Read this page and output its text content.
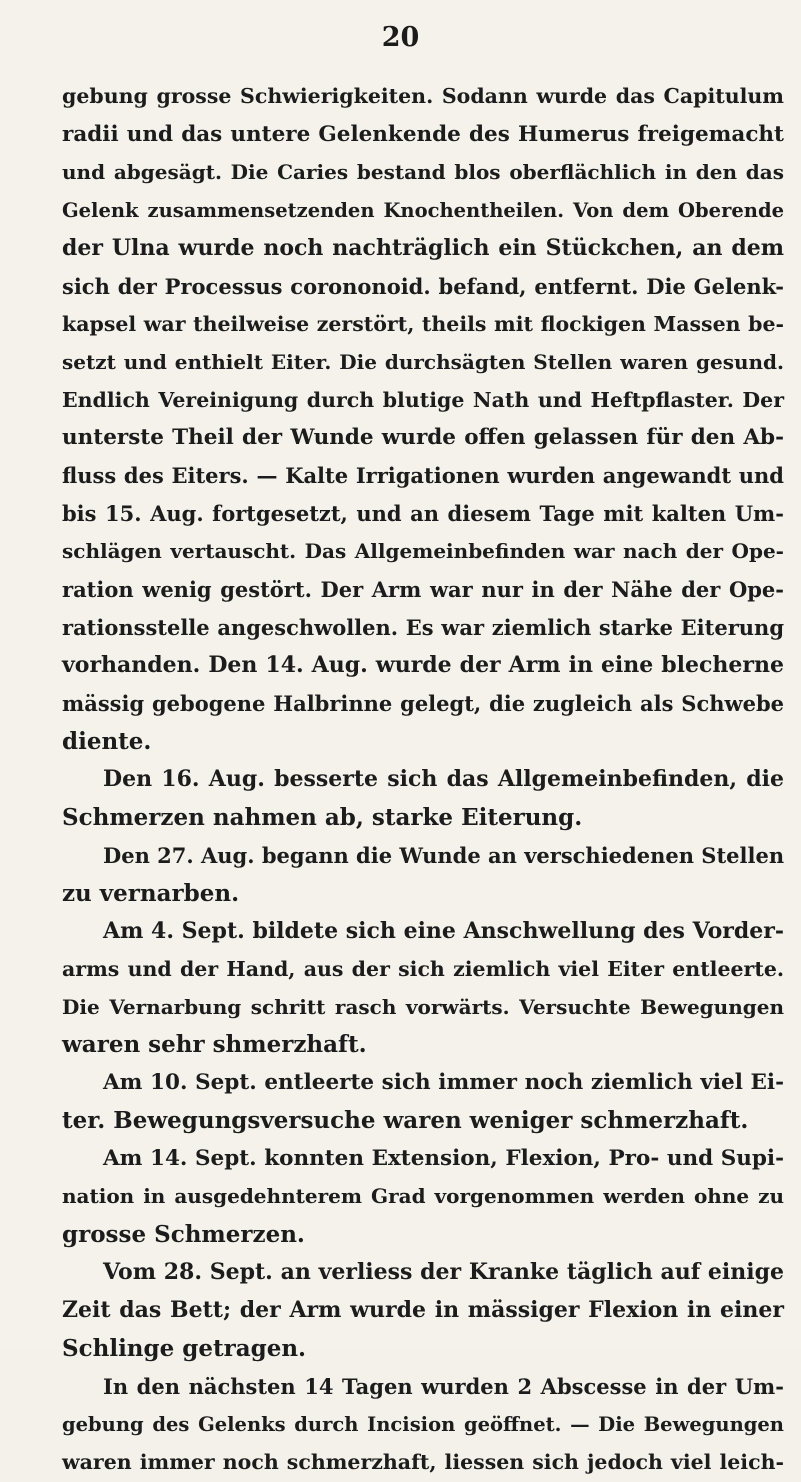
20
gebung grosse Schwierigkeiten. Sodann wurde das Capitulum
radii und das untere Gelenkende des Humerus freigemacht
und abgesägt. Die Caries bestand blos oberflächlich in den das
Gelenk zusammensetzenden Knochentheilen. Von dem Oberende
der Ulna wurde noch nachträglich ein Stückchen, an dem
sich der Processus corononoid. befand, entfernt. Die Gelenk-
kapsel war theilweise zerstört, theils mit flockigen Massen be-
setzt und enthielt Eiter. Die durchsägten Stellen waren gesund.
Endlich Vereinigung durch blutige Nath und Heftpflaster. Der
unterste Theil der Wunde wurde offen gelassen für den Ab-
fluss des Eiters. — Kalte Irrigationen wurden angewandt und
bis 15. Aug. fortgesetzt, und an diesem Tage mit kalten Um-
schlägen vertauscht. Das Allgemeinbefinden war nach der Ope-
ration wenig gestört. Der Arm war nur in der Nähe der Ope-
rationsstelle angeschwollen. Es war ziemlich starke Eiterung
vorhanden. Den 14. Aug. wurde der Arm in eine blecherne
mässig gebogene Halbrinne gelegt, die zugleich als Schwebe
diente.
Den 16. Aug. besserte sich das Allgemeinbefinden, die
Schmerzen nahmen ab, starke Eiterung.
Den 27. Aug. begann die Wunde an verschiedenen Stellen
zu vernarben.
Am 4. Sept. bildete sich eine Anschwellung des Vorder-
arms und der Hand, aus der sich ziemlich viel Eiter entleerte.
Die Vernarbung schritt rasch vorwärts. Versuchte Bewegungen
waren sehr shmerzhaft.
Am 10. Sept. entleerte sich immer noch ziemlich viel Ei-
ter. Bewegungsversuche waren weniger schmerzhaft.
Am 14. Sept. konnten Extension, Flexion, Pro- und Supi-
nation in ausgedehnterem Grad vorgenommen werden ohne zu
grosse Schmerzen.
Vom 28. Sept. an verliess der Kranke täglich auf einige
Zeit das Bett; der Arm wurde in mässiger Flexion in einer
Schlinge getragen.
In den nächsten 14 Tagen wurden 2 Abscesse in der Um-
gebung des Gelenks durch Incision geöffnet. — Die Bewegungen
waren immer noch schmerzhaft, liessen sich jedoch viel leich-
